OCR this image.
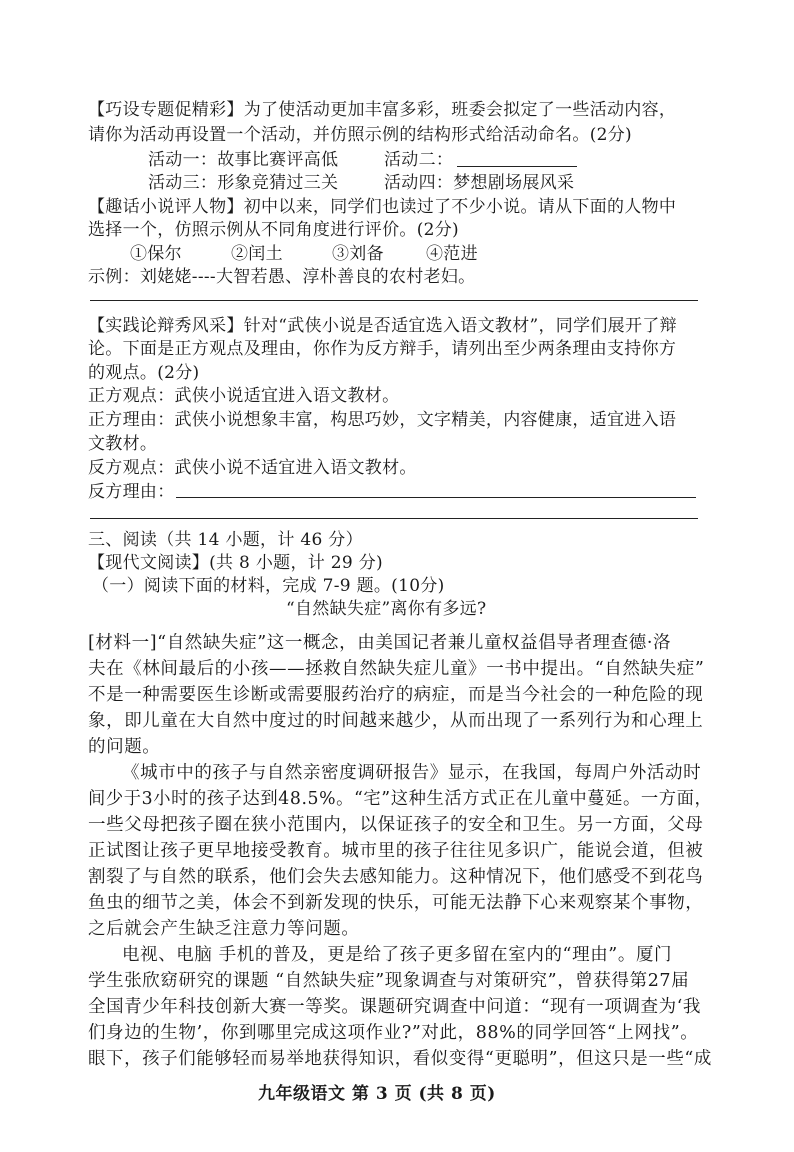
【巧设专题促精彩】为了使活动更加丰富多彩，班委会拟定了一些活动内容，
请你为活动再设置一个活动，并仿照示例的结构形式给活动命名。(2分)
活动一：故事比赛评高低	活动二：
活动三：形象竞猜过三关	活动四：梦想剧场展风采
【趣话小说评人物】初中以来，同学们也读过了不少小说。请从下面的人物中
选择一个，仿照示例从不同角度进行评价。(2分)
①保尔	②闰土	③刘备 ④范进
示例：刘姥姥----大智若愚、淳朴善良的农村老妇。
【实践论辩秀风采】针对“武侠小说是否适宜选入语文教材”，同学们展开了辩
论。下面是正方观点及理由，你作为反方辩手，请列出至少两条理由支持你方
的观点。(2分)
正方观点：武侠小说适宜进入语文教材。
正方理由：武侠小说想象丰富，构思巧妙，文字精美，内容健康，适宜进入语
文教材。
反方观点：武侠小说不适宜进入语文教材。
反方理由：
三、阅读（共 14 小题，计 46 分）
【现代文阅读】(共 8 小题，计 29 分)
（一）阅读下面的材料，完成 7-9 题。(10分)
“自然缺失症”离你有多远?
[材料一]“自然缺失症”这一概念，由美国记者兼儿童权益倡导者理查德·洛
夫在《林间最后的小孩——拯救自然缺失症儿童》一书中提出。“自然缺失症”
不是一种需要医生诊断或需要服药治疗的病症，而是当今社会的一种危险的现
象，即儿童在大自然中度过的时间越来越少，从而出现了一系列行为和心理上
的问题。
《城市中的孩子与自然亲密度调研报告》显示，在我国，每周户外活动时
间少于3小时的孩子达到48.5%。“宅”这种生活方式正在儿童中蔓延。一方面，
一些父母把孩子圈在狭小范围内，以保证孩子的安全和卫生。另一方面，父母
正试图让孩子更早地接受教育。城市里的孩子往往见多识广，能说会道，但被
割裂了与自然的联系，他们会失去感知能力。这种情况下，他们感受不到花鸟
鱼虫的细节之美，体会不到新发现的快乐，可能无法静下心来观察某个事物，
之后就会产生缺乏注意力等问题。
电视、电脑 手机的普及，更是给了孩子更多留在室内的“理由”。厦门
学生张欣窈研究的课题 “自然缺失症”现象调查与对策研究”，曾获得第27届
全国青少年科技创新大赛一等奖。课题研究调查中问道：“现有一项调查为‘我
们身边的生物’，你到哪里完成这项作业?”对此，88%的同学回答“上网找”。
眼下，孩子们能够轻而易举地获得知识，看似变得“更聪明”，但这只是一些“成
九年级语文 第 3 页 (共 8 页)
